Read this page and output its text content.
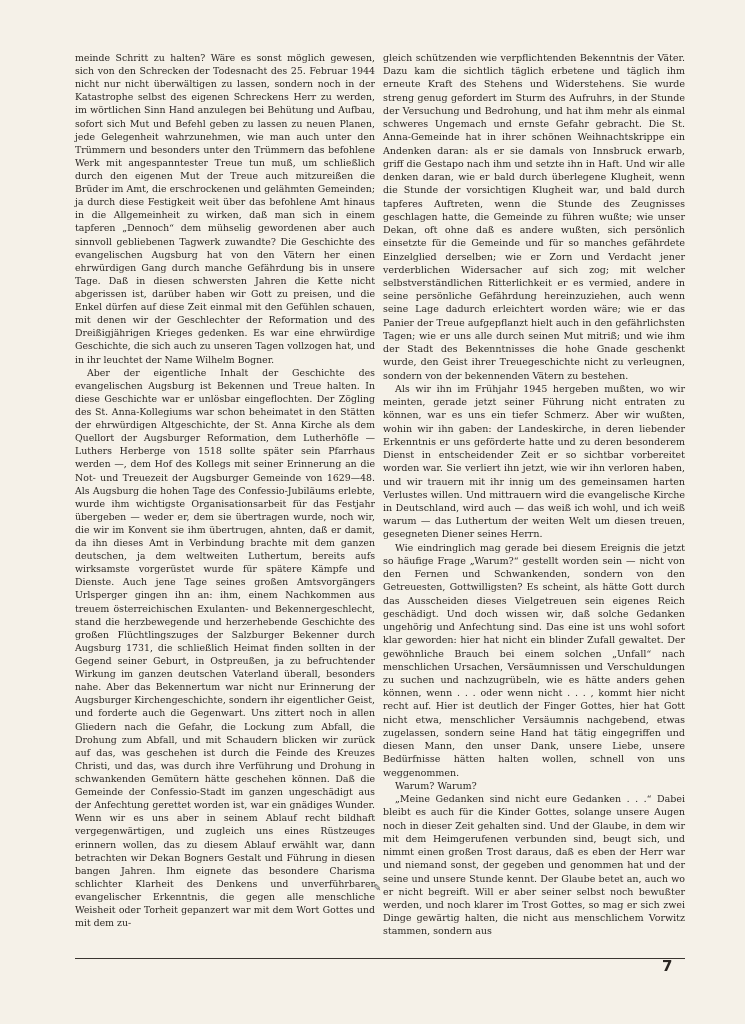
meinde Schritt zu halten? Wäre es sonst möglich gewesen, sich von den Schrecken der Todesnacht des 25. Februar 1944 nicht nur nicht überwältigen zu lassen, sondern noch in der Katastrophe selbst des eigenen Schreckens Herr zu werden, im wörtlichen Sinn Hand anzulegen bei Behütung und Aufbau, sofort sich Mut und Befehl geben zu lassen zu neuen Planen, jede Gelegenheit wahrzunehmen, wie man auch unter den Trümmern und besonders unter den Trümmern das befohlene Werk mit angespanntester Treue tun muß, um schließlich durch den eigenen Mut der Treue auch mitzureißen die Brüder im Amt, die erschrockenen und gelähmten Gemeinden; ja durch diese Festigkeit weit über das befohlene Amt hinaus in die Allgemeinheit zu wirken, daß man sich in einem tapferen „Dennoch“ dem mühselig gewordenen aber auch sinnvoll gebliebenen Tagwerk zuwandte? Die Geschichte des evangelischen Augsburg hat von den Vätern her einen ehrwürdigen Gang durch manche Gefährdung bis in unsere Tage. Daß in diesen schwersten Jahren die Kette nicht abgerissen ist, darüber haben wir Gott zu preisen, und die Enkel dürfen auf diese Zeit einmal mit den Gefühlen schauen, mit denen wir der Geschlechter der Reformation und des Dreißigjährigen Krieges gedenken. Es war eine ehrwürdige Geschichte, die sich auch zu unseren Tagen vollzogen hat, und in ihr leuchtet der Name Wilhelm Bogner.

Aber der eigentliche Inhalt der Geschichte des evangelischen Augsburg ist Bekennen und Treue halten. In diese Geschichte war er unlösbar eingeflochten. Der Zögling des St. Anna-Kollegiums war schon beheimatet in den Stätten der ehrwürdigen Altgeschichte, der St. Anna Kirche als dem Quellort der Augsburger Reformation, dem Lutherhöfle — Luthers Herberge von 1518 sollte später sein Pfarrhaus werden —, dem Hof des Kollegs mit seiner Erinnerung an die Not- und Treuezeit der Augsburger Gemeinde von 1629—48. Als Augsburg die hohen Tage des Confessio-Jubiläums erlebte, wurde ihm wichtigste Organisationsarbeit für das Festjahr übergeben — weder er, dem sie übertragen wurde, noch wir, die wir im Konvent sie ihm übertrugen, ahnten, daß er damit, da ihn dieses Amt in Verbindung brachte mit dem ganzen deutschen, ja dem weltweiten Luthertum, bereits aufs wirksamste vorgerüstet wurde für spätere Kämpfe und Dienste. Auch jene Tage seines großen Amtsvorgängers Urlsperger gingen ihn an: ihm, einem Nachkommen aus treuem österreichischen Exulanten- und Bekennergeschlecht, stand die herzbewegende und herzerhebende Geschichte des großen Flüchtlingszuges der Salzburger Bekenner durch Augsburg 1731, die schließlich Heimat finden sollten in der Gegend seiner Geburt, in Ostpreußen, ja zu befruchtender Wirkung im ganzen deutschen Vaterland überall, besonders nahe. Aber das Bekennertum war nicht nur Erinnerung der Augsburger Kirchengeschichte, sondern ihr eigentlicher Geist, und forderte auch die Gegenwart. Uns zittert noch in allen Gliedern nach die Gefahr, die Lockung zum Abfall, die Drohung zum Abfall, und mit Schaudern blicken wir zurück auf das, was geschehen ist durch die Feinde des Kreuzes Christi, und das, was durch ihre Verführung und Drohung in schwankenden Gemütern hätte geschehen können. Daß die Gemeinde der Confessio-Stadt im ganzen ungeschädigt aus der Anfechtung gerettet worden ist, war ein gnädiges Wunder. Wenn wir es uns aber in seinem Ablauf recht bildhaft vergegenwärtigen, und zugleich uns eines Rüstzeuges erinnern wollen, das zu diesem Ablauf erwählt war, dann betrachten wir Dekan Bogners Gestalt und Führung in diesen bangen Jahren. Ihm eignete das besondere Charisma schlichter Klarheit des Denkens und unverführbarer evangelischer Erkenntnis, die gegen alle menschliche Weisheit oder Torheit gepanzert war mit dem Wort Gottes und mit dem zu-

gleich schützenden wie verpflichtenden Bekenntnis der Väter. Dazu kam die sichtlich täglich erbetene und täglich ihm erneute Kraft des Stehens und Widerstehens. Sie wurde streng genug gefordert im Sturm des Aufruhrs, in der Stunde der Versuchung und Bedrohung, und hat ihm mehr als einmal schweres Ungemach und ernste Gefahr gebracht. Die St. Anna-Gemeinde hat in ihrer schönen Weihnachtskrippe ein Andenken daran: als er sie damals von Innsbruck erwarb, griff die Gestapo nach ihm und setzte ihn in Haft. Und wir alle denken daran, wie er bald durch überlegene Klugheit, wenn die Stunde der vorsichtigen Klugheit war, und bald durch tapferes Auftreten, wenn die Stunde des Zeugnisses geschlagen hatte, die Gemeinde zu führen wußte; wie unser Dekan, oft ohne daß es andere wußten, sich persönlich einsetzte für die Gemeinde und für so manches gefährdete Einzelglied derselben; wie er Zorn und Verdacht jener verderblichen Widersacher auf sich zog; mit welcher selbstverständlichen Ritterlichkeit er es vermied, andere in seine persönliche Gefährdung hereinzuziehen, auch wenn seine Lage dadurch erleichtert worden wäre; wie er das Panier der Treue aufgepflanzt hielt auch in den gefährlichsten Tagen; wie er uns alle durch seinen Mut mitriß; und wie ihm der Stadt des Bekenntnisses die hohe Gnade geschenkt wurde, den Geist ihrer Treuegeschichte nicht zu verleugnen, sondern von der bekennenden Vätern zu bestehen.

Als wir ihn im Frühjahr 1945 hergeben mußten, wo wir meinten, gerade jetzt seiner Führung nicht entraten zu können, war es uns ein tiefer Schmerz. Aber wir wußten, wohin wir ihn gaben: der Landeskirche, in deren liebender Erkenntnis er uns geförderte hatte und zu deren besonderem Dienst in entscheidender Zeit er so sichtbar vorbereitet worden war. Sie verliert ihn jetzt, wie wir ihn verloren haben, und wir trauern mit ihr innig um des gemeinsamen harten Verlustes willen. Und mittrauern wird die evangelische Kirche in Deutschland, wird auch — das weiß ich wohl, und ich weiß warum — das Luthertum der weiten Welt um diesen treuen, gesegneten Diener seines Herrn.

Wie eindringlich mag gerade bei diesem Ereignis die jetzt so häufige Frage „Warum?“ gestellt worden sein — nicht von den Fernen und Schwankenden, sondern von den Getreuesten, Gottwilligsten? Es scheint, als hätte Gott durch das Ausscheiden dieses Vielgetreuen sein eigenes Reich geschädigt. Und doch wissen wir, daß solche Gedanken ungehörig und Anfechtung sind. Das eine ist uns wohl sofort klar geworden: hier hat nicht ein blinder Zufall gewaltet. Der gewöhnliche Brauch bei einem solchen „Unfall“ nach menschlichen Ursachen, Versäumnissen und Verschuldungen zu suchen und nachzugrübeln, wie es hätte anders gehen können, wenn . . . oder wenn nicht . . . , kommt hier nicht recht auf. Hier ist deutlich der Finger Gottes, hier hat Gott nicht etwa, menschlicher Versäumnis nachgebend, etwas zugelassen, sondern seine Hand hat tätig eingegriffen und diesen Mann, den unser Dank, unsere Liebe, unsere Bedürfnisse hätten halten wollen, schnell von uns weggenommen.

Warum? Warum?

„Meine Gedanken sind nicht eure Gedanken . . .“ Dabei bleibt es auch für die Kinder Gottes, solange unsere Augen noch in dieser Zeit gehalten sind. Und der Glaube, in dem wir mit dem Heimgerufenen verbunden sind, beugt sich, und nimmt einen großen Trost daraus, daß es eben der Herr war und niemand sonst, der gegeben und genommen hat und der seine und unsere Stunde kennt. Der Glaube betet an, auch wo er nicht begreift. Will er aber seiner selbst noch bewußter werden, und noch klarer im Trost Gottes, so mag er sich zwei Dinge gewärtig halten, die nicht aus menschlichem Vorwitz stammen, sondern aus

✎
7
